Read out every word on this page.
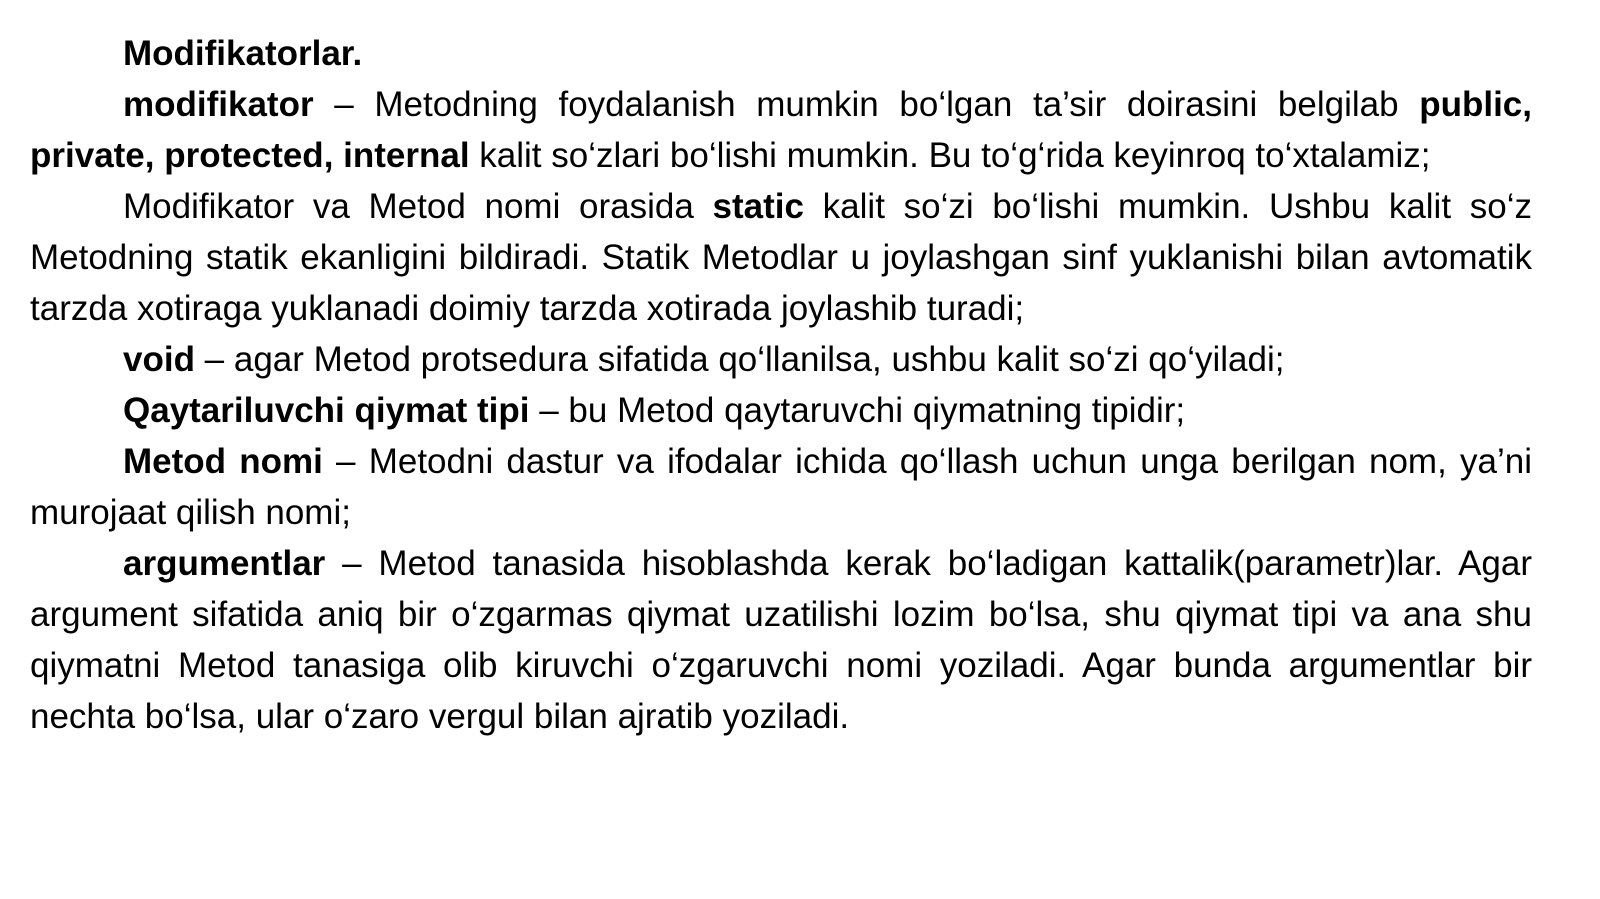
Modifikatorlar.

modifikator – Metodning foydalanish mumkin bo‘lgan ta’sir doirasini belgilab public, private, protected, internal kalit so‘zlari bo‘lishi mumkin. Bu to‘g‘rida keyinroq to‘xtalamiz;

Modifikator va Metod nomi orasida static kalit so‘zi bo‘lishi mumkin. Ushbu kalit so‘z Metodning statik ekanligini bildiradi. Statik Metodlar u joylashgan sinf yuklanishi bilan avtomatik tarzda xotiraga yuklanadi doimiy tarzda xotirada joylashib turadi;

void – agar Metod protsedura sifatida qo‘llanilsa, ushbu kalit so‘zi qo‘yiladi;

Qaytariluvchi qiymat tipi – bu Metod qaytaruvchi qiymatning tipidir;

Metod nomi – Metodni dastur va ifodalar ichida qo‘llash uchun unga berilgan nom, ya’ni murojaat qilish nomi;

argumentlar – Metod tanasida hisoblashda kerak bo‘ladigan kattalik(parametr)lar. Agar argument sifatida aniq bir o‘zgarmas qiymat uzatilishi lozim bo‘lsa, shu qiymat tipi va ana shu qiymatni Metod tanasiga olib kiruvchi o‘zgaruvchi nomi yoziladi. Agar bunda argumentlar bir nechta bo‘lsa, ular o‘zaro vergul bilan ajratib yoziladi.
